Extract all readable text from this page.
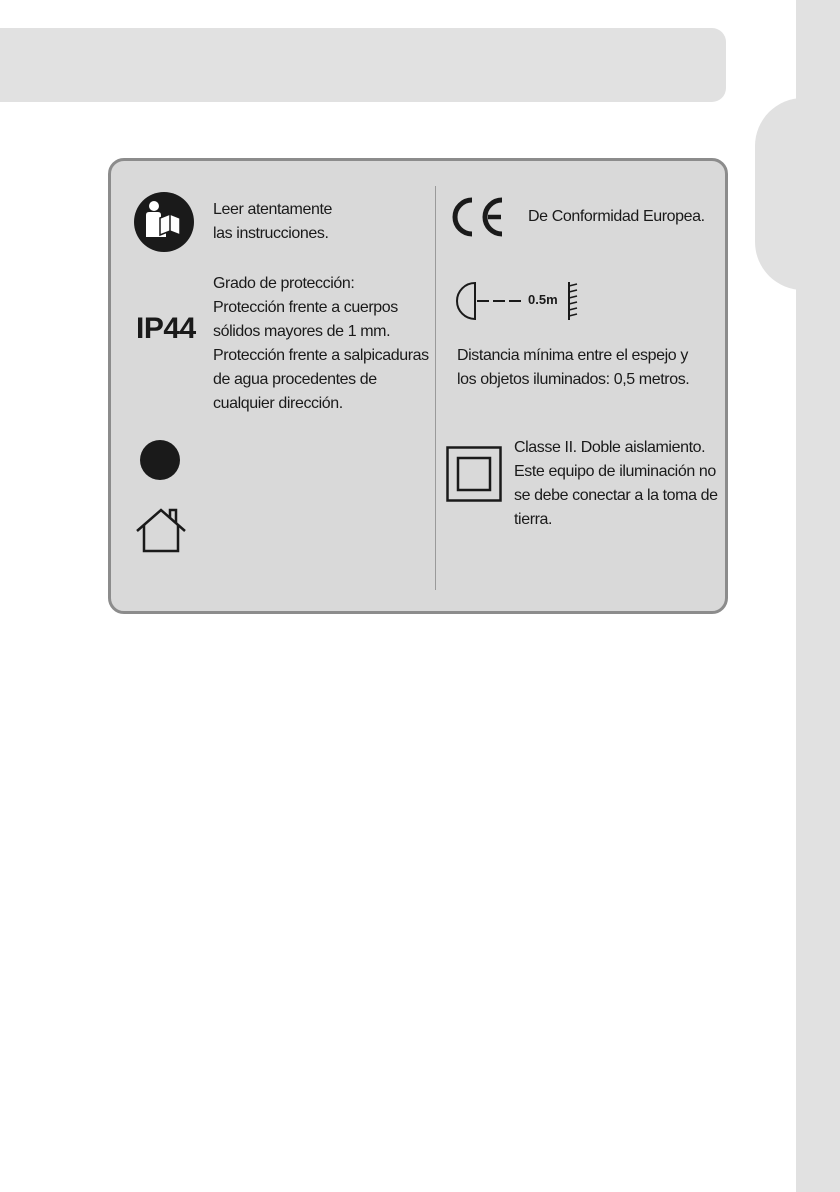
Leer atentamente
las instrucciones.

IP44

Grado de protección:
Protección frente a cuerpos
sólidos mayores de 1 mm.
Protección frente a salpicaduras
de agua procedentes de
cualquier dirección.

De Conformidad Europea.

0.5m

Distancia mínima entre el espejo y
los objetos iluminados: 0,5 metros.

Classe II. Doble aislamiento.
Este equipo de iluminación no
se debe conectar a la toma de
tierra.
